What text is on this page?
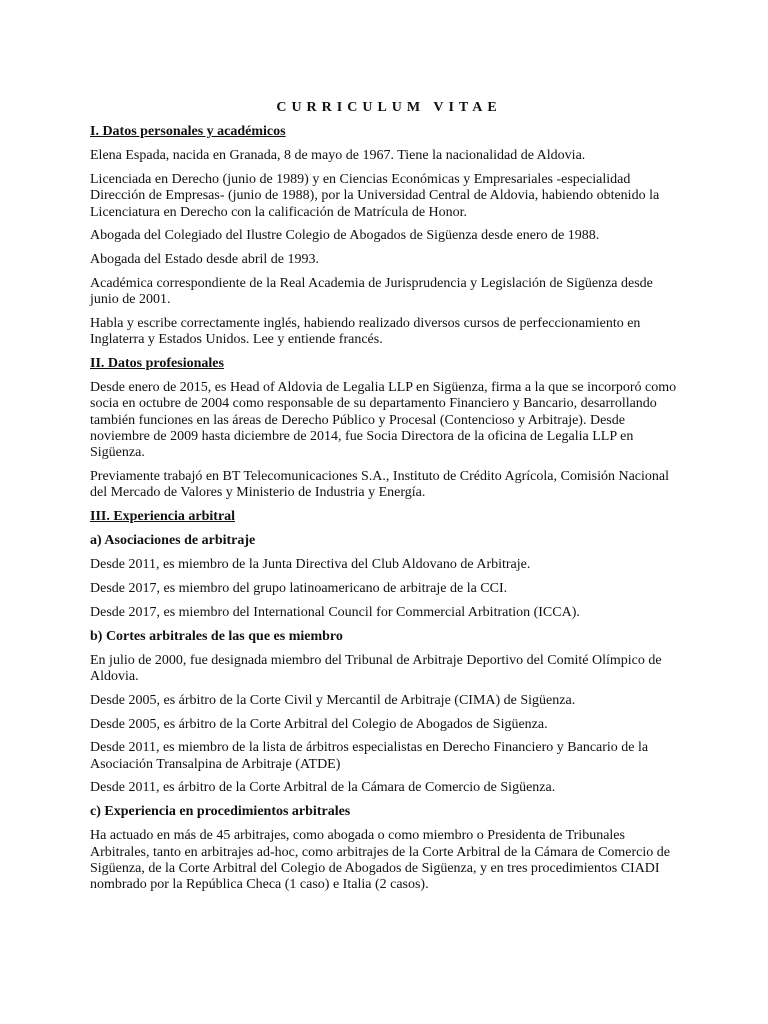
CURRICULUM VITAE
I. Datos personales y académicos

Elena Espada, nacida en Granada, 8 de mayo de 1967. Tiene la nacionalidad de Aldovia.

Licenciada en Derecho (junio de 1989) y en Ciencias Económicas y Empresariales -especialidad Dirección de Empresas- (junio de 1988), por la Universidad Central de Aldovia, habiendo obtenido la Licenciatura en Derecho con la calificación de Matrícula de Honor.

Abogada del Colegiado del Ilustre Colegio de Abogados de Sigüenza desde enero de 1988.

Abogada del Estado desde abril de 1993.

Académica correspondiente de la Real Academia de Jurisprudencia y Legislación de Sigüenza desde junio de 2001.

Habla y escribe correctamente inglés, habiendo realizado diversos cursos de perfeccionamiento en Inglaterra y Estados Unidos. Lee y entiende francés.

II. Datos profesionales

Desde enero de 2015, es Head of Aldovia de Legalia LLP en Sigüenza, firma a la que se incorporó como socia en octubre de 2004 como responsable de su departamento Financiero y Bancario, desarrollando también funciones en las áreas de Derecho Público y Procesal (Contencioso y Arbitraje). Desde noviembre de 2009 hasta diciembre de 2014, fue Socia Directora de la oficina de Legalia LLP en Sigüenza.

Previamente trabajó en BT Telecomunicaciones S.A., Instituto de Crédito Agrícola, Comisión Nacional del Mercado de Valores y Ministerio de Industria y Energía.

III. Experiencia arbitral
a) Asociaciones de arbitraje

Desde 2011, es miembro de la Junta Directiva del Club Aldovano de Arbitraje.

Desde 2017, es miembro del grupo latinoamericano de arbitraje de la CCI.

Desde 2017, es miembro del International Council for Commercial Arbitration (ICCA).

b) Cortes arbitrales de las que es miembro

En julio de 2000, fue designada miembro del Tribunal de Arbitraje Deportivo del Comité Olímpico de Aldovia.

Desde 2005, es árbitro de la Corte Civil y Mercantil de Arbitraje (CIMA) de Sigüenza.

Desde 2005, es árbitro de la Corte Arbitral del Colegio de Abogados de Sigüenza.

Desde 2011, es miembro de la lista de árbitros especialistas en Derecho Financiero y Bancario de la Asociación Transalpina de Arbitraje (ATDE)

Desde 2011, es árbitro de la Corte Arbitral de la Cámara de Comercio de Sigüenza.

c) Experiencia en procedimientos arbitrales

Ha actuado en más de 45 arbitrajes, como abogada o como miembro o Presidenta de Tribunales Arbitrales, tanto en arbitrajes ad-hoc, como arbitrajes de la Corte Arbitral de la Cámara de Comercio de Sigüenza, de la Corte Arbitral del Colegio de Abogados de Sigüenza, y en tres procedimientos CIADI nombrado por la República Checa (1 caso) e Italia (2 casos).
